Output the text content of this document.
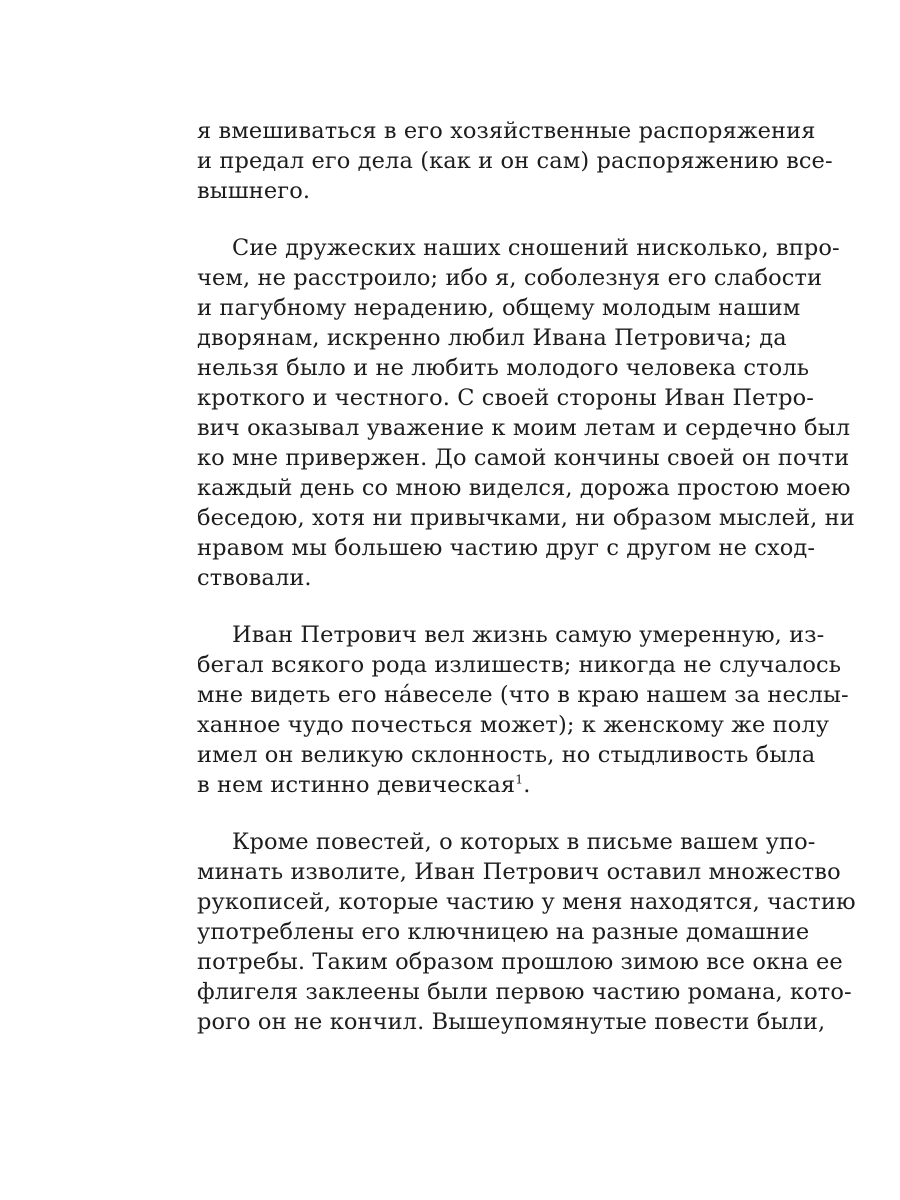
я вмешиваться в его хозяйственные распоряжения

и предал его дела (как и он сам) распоряжению все-

вышнего.

Сие дружеских наших сношений нисколько, впро-

чем, не расстроило; ибо я, соболезнуя его слабости

и пагубному нерадению, общему молодым нашим

дворянам, искренно любил Ивана Петровича; да

нельзя было и не любить молодого человека столь

кроткого и честного. С своей стороны Иван Петро-

вич оказывал уважение к моим летам и сердечно был

ко мне привержен. До самой кончины своей он почти

каждый день со мною виделся, дорожа простою моею

беседою, хотя ни привычками, ни образом мыслей, ни

нравом мы большею частию друг с другом не сход-

ствовали.

Иван Петрович вел жизнь самую умеренную, из-

бегал всякого рода излишеств; никогда не случалось

мне видеть его на́веселе (что в краю нашем за неслы-

ханное чудо почесться может); к женскому же полу

имел он великую склонность, но стыдливость была

в нем истинно девическая$^1$.

Кроме повестей, о которых в письме вашем упо-

минать изволите, Иван Петрович оставил множество

рукописей, которые частию у меня находятся, частию

употреблены его ключницею на разные домашние

потребы. Таким образом прошлою зимою все окна ее

флигеля заклеены были первою частию романа, кото-

рого он не кончил. Вышеупомянутые повести были,
